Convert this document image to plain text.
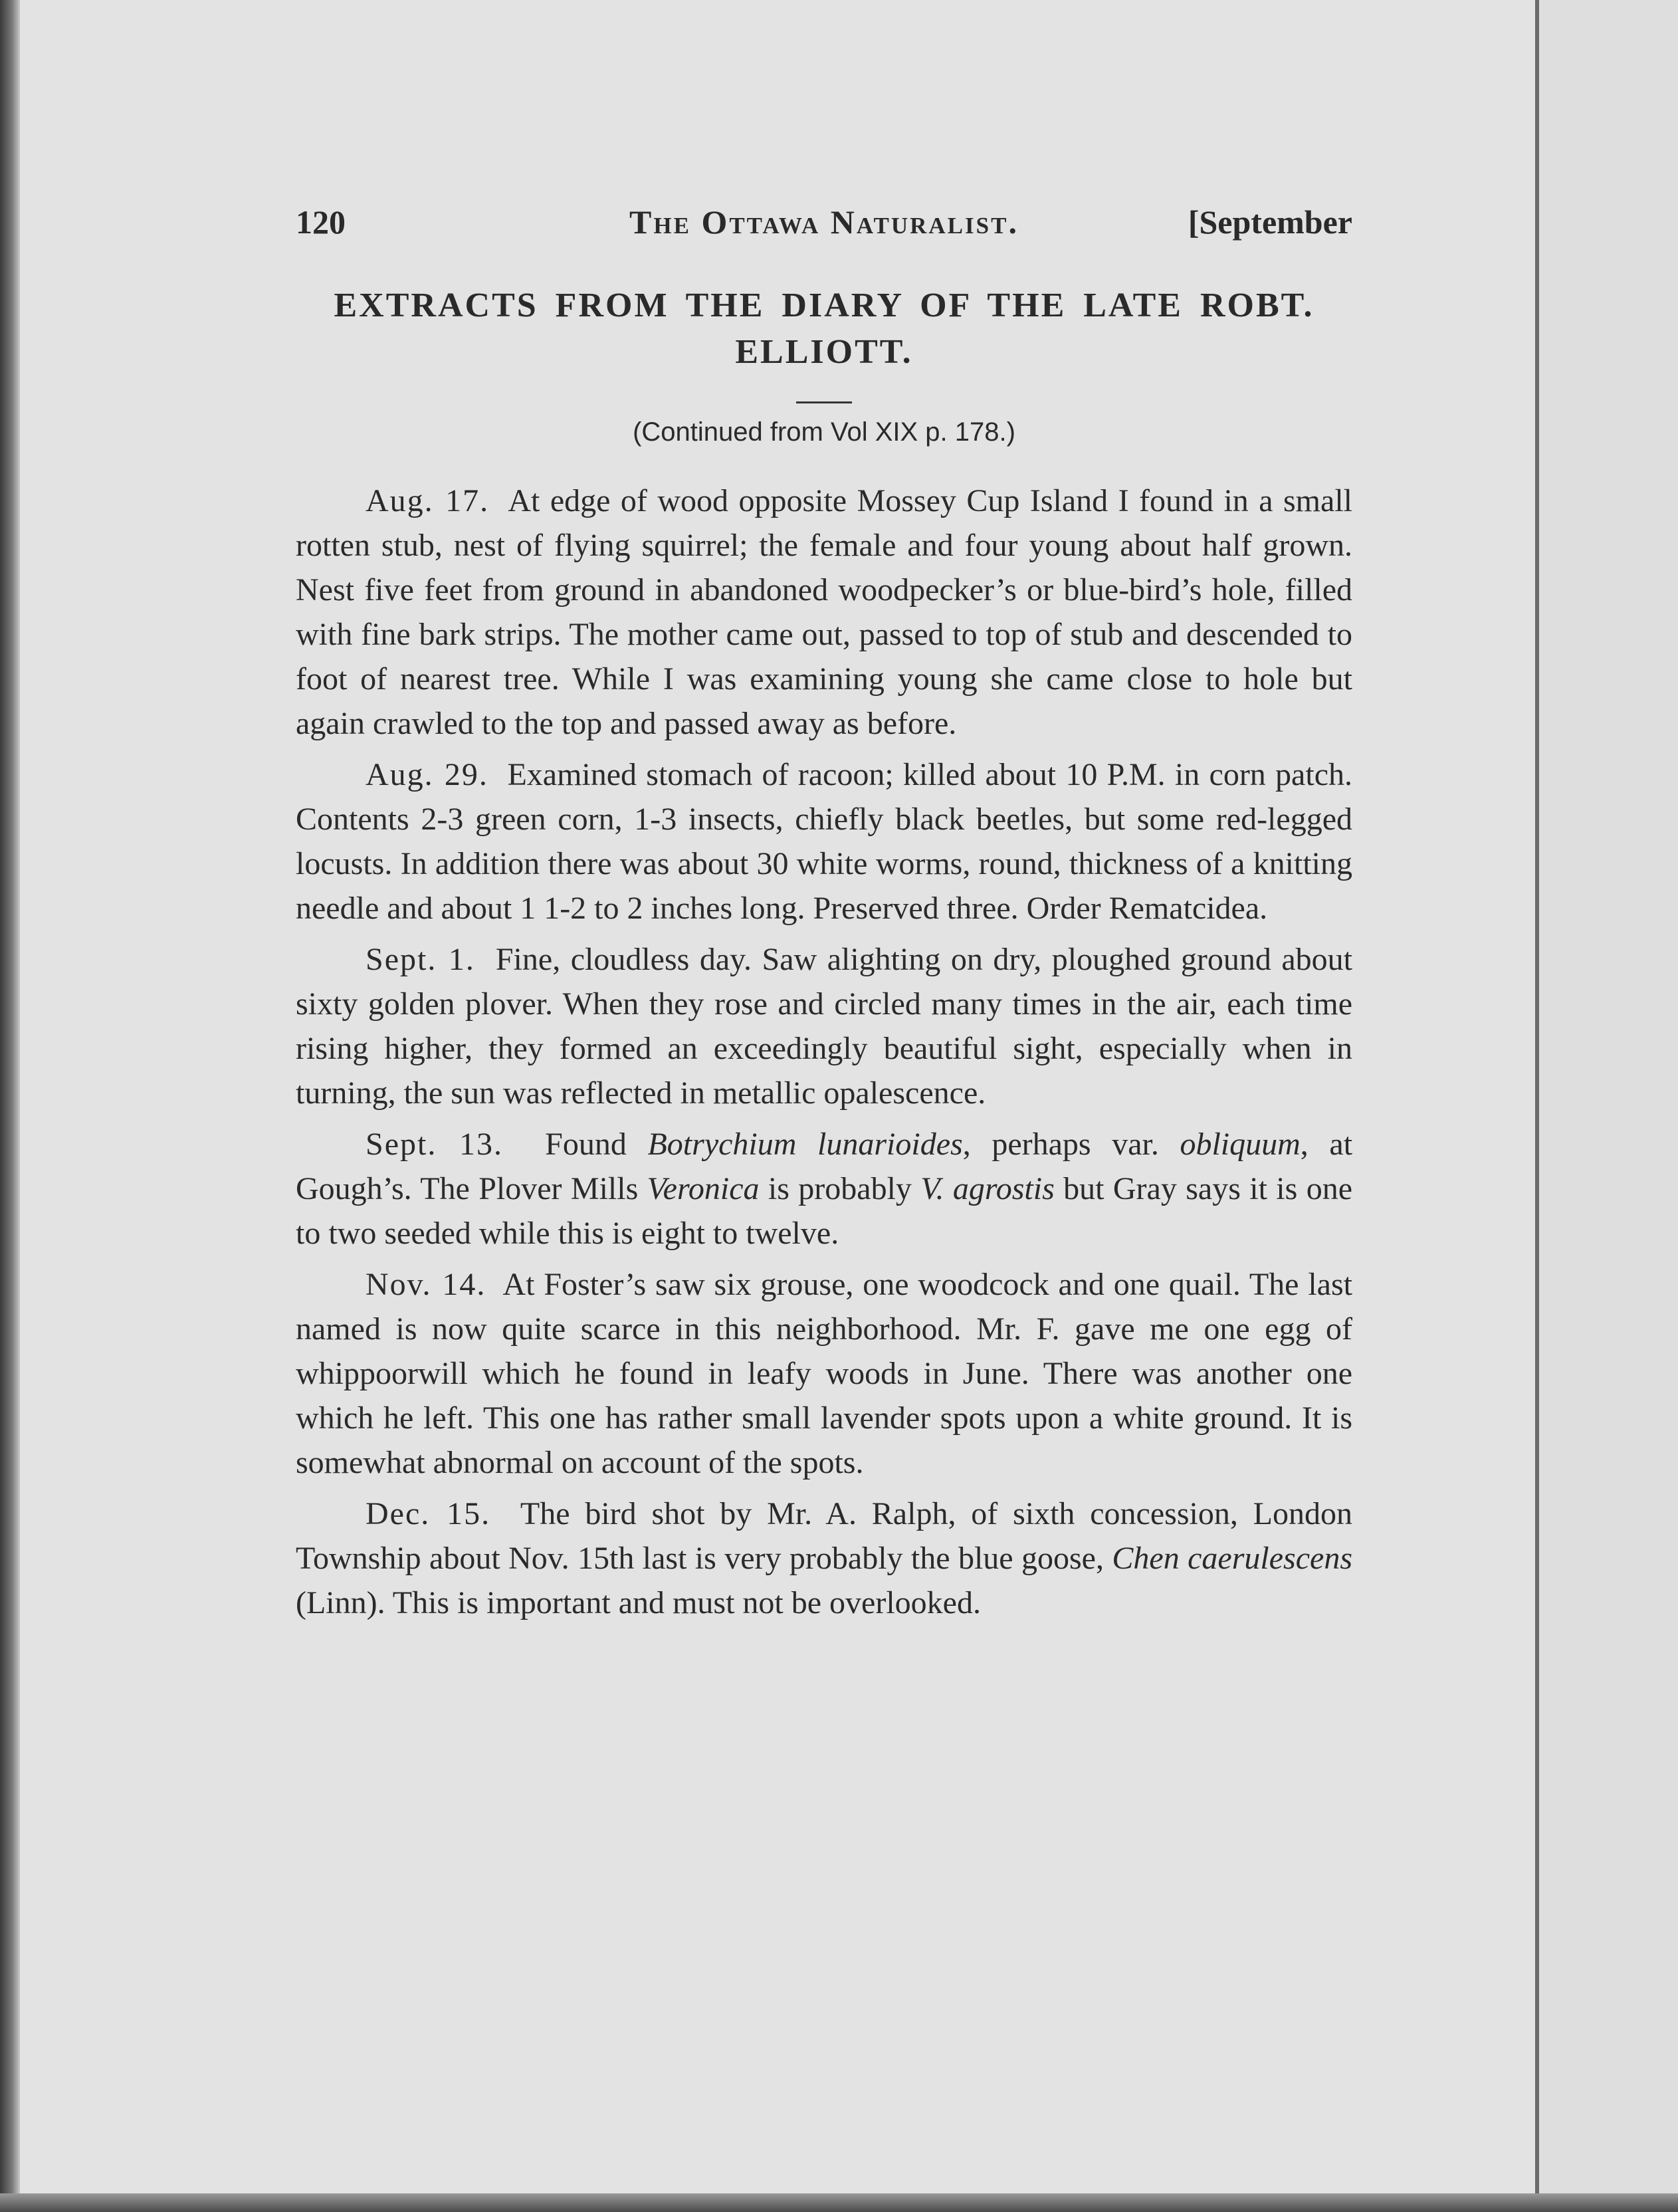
120	The Ottawa Naturalist.	[September
EXTRACTS FROM THE DIARY OF THE LATE ROBT.
ELLIOTT.
(Continued from Vol XIX p. 178.)

Aug. 17. At edge of wood opposite Mossey Cup Island I found in a small rotten stub, nest of flying squirrel; the female and four young about half grown. Nest five feet from ground in abandoned woodpecker’s or blue-bird’s hole, filled with fine bark strips. The mother came out, passed to top of stub and descended to foot of nearest tree. While I was examining young she came close to hole but again crawled to the top and passed away as before.

Aug. 29. Examined stomach of racoon; killed about 10 P.M. in corn patch. Contents 2-3 green corn, 1-3 insects, chiefly black beetles, but some red-legged locusts. In addition there was about 30 white worms, round, thickness of a knitting needle and about 1 1-2 to 2 inches long. Preserved three. Order Rematcidea.

Sept. 1. Fine, cloudless day. Saw alighting on dry, ploughed ground about sixty golden plover. When they rose and circled many times in the air, each time rising higher, they formed an exceedingly beautiful sight, especially when in turning, the sun was reflected in metallic opalescence.

Sept. 13. Found Botrychium lunarioides, perhaps var. obliquum, at Gough’s. The Plover Mills Veronica is probably V. agrostis but Gray says it is one to two seeded while this is eight to twelve.

Nov. 14. At Foster’s saw six grouse, one woodcock and one quail. The last named is now quite scarce in this neighborhood. Mr. F. gave me one egg of whippoorwill which he found in leafy woods in June. There was another one which he left. This one has rather small lavender spots upon a white ground. It is somewhat abnormal on account of the spots.

Dec. 15. The bird shot by Mr. A. Ralph, of sixth concession, London Township about Nov. 15th last is very probably the blue goose, Chen caerulescens (Linn). This is important and must not be overlooked.
